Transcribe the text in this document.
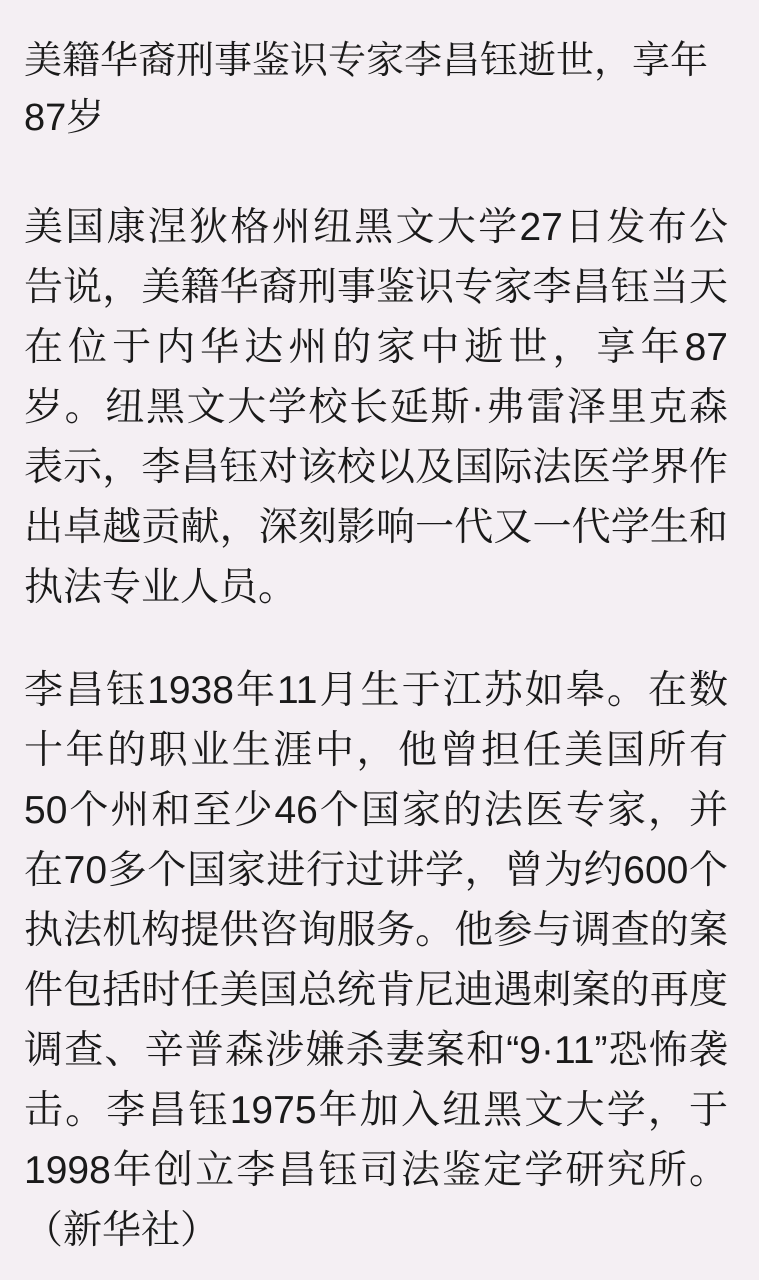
美籍华裔刑事鉴识专家李昌钰逝世，享年87岁

美国康涅狄格州纽黑文大学27日发布公告说，美籍华裔刑事鉴识专家李昌钰当天在位于内华达州的家中逝世，享年87岁。纽黑文大学校长延斯·弗雷泽里克森表示，李昌钰对该校以及国际法医学界作出卓越贡献，深刻影响一代又一代学生和执法专业人员。

李昌钰1938年11月生于江苏如皋。在数十年的职业生涯中，他曾担任美国所有50个州和至少46个国家的法医专家，并在70多个国家进行过讲学，曾为约600个执法机构提供咨询服务。他参与调查的案件包括时任美国总统肯尼迪遇刺案的再度调查、辛普森涉嫌杀妻案和“9·11”恐怖袭击。李昌钰1975年加入纽黑文大学，于1998年创立李昌钰司法鉴定学研究所。（新华社）
